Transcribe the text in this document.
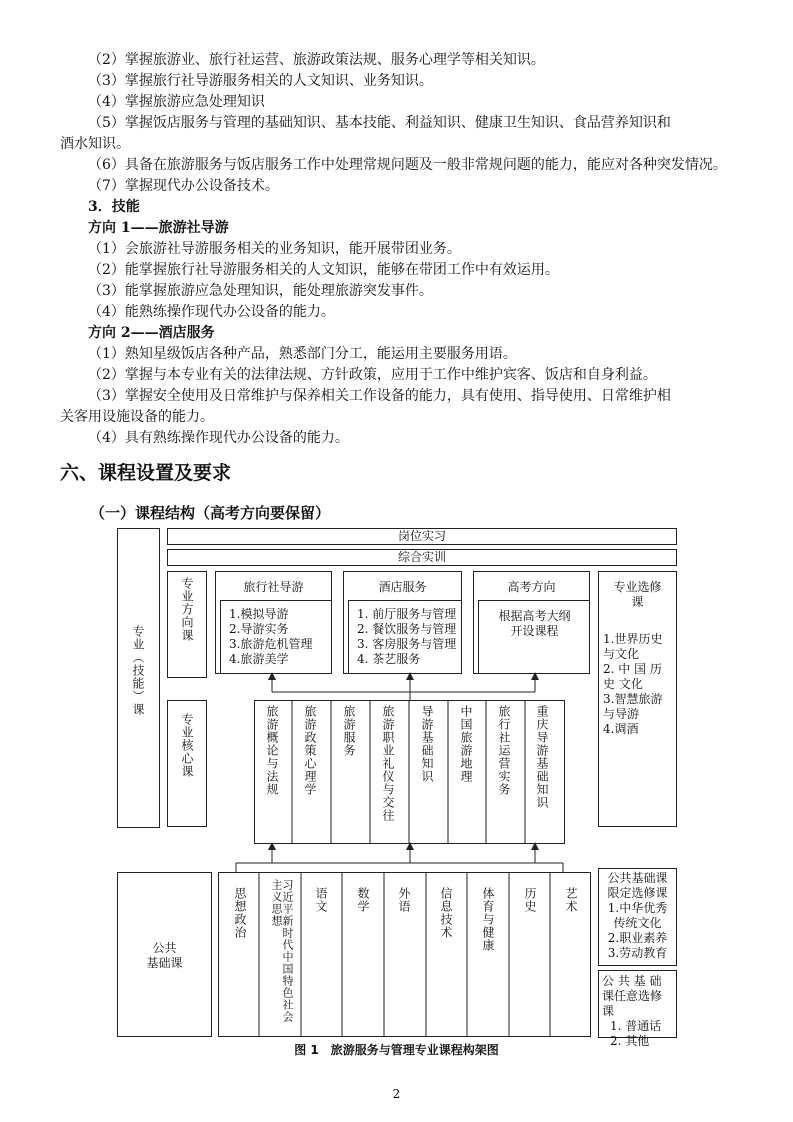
（2）掌握旅游业、旅行社运营、旅游政策法规、服务心理学等相关知识。
（3）掌握旅行社导游服务相关的人文知识、业务知识。
（4）掌握旅游应急处理知识
（5）掌握饭店服务与管理的基础知识、基本技能、利益知识、健康卫生知识、食品营养知识和
酒水知识。
（6）具备在旅游服务与饭店服务工作中处理常规问题及一般非常规问题的能力，能应对各种突发情况。
（7）掌握现代办公设备技术。
3．技能
方向 1——旅游社导游
（1）会旅游社导游服务相关的业务知识，能开展带团业务。
（2）能掌握旅行社导游服务相关的人文知识，能够在带团工作中有效运用。
（3）能掌握旅游应急处理知识，能处理旅游突发事件。
（4）能熟练操作现代办公设备的能力。
方向 2——酒店服务
（1）熟知星级饭店各种产品，熟悉部门分工，能运用主要服务用语。
（2）掌握与本专业有关的法律法规、方针政策，应用于工作中维护宾客、饭店和自身利益。
（3）掌握安全使用及日常维护与保养相关工作设备的能力，具有使用、指导使用、日常维护相
关客用设施设备的能力。
（4）具有熟练操作现代办公设备的能力。
六、课程设置及要求
（一）课程结构（高考方向要保留）
专业（技能）课
公共
基础课
岗位实习
综合实训
专业方向课	旅行社导游
1.模拟导游
2.导游实务
3.旅游危机管理
4.旅游美学
酒店服务
1. 前厅服务与管理
2. 餐饮服务与管理
3. 客房服务与管理
4. 茶艺服务
高考方向
根据高考大纲
开设课程
专业选修课
1.世界历史与文化
2. 中 国 历 史 文化
3.智慧旅游与导游
4.调酒
专业核心课	旅游概论与法规 旅游政策心理学 旅游服务 旅游职业礼仪与交往 导游基础知识 中国旅游地理 旅行社运营实务 重庆导游基础知识
思想政治	习近平新时代中国特色社会主义思想	语文 数学 外语 信息技术 体育与健康 历史 艺术
公共基础课限定选修课
1.中华优秀传统文化
2.职业素养
3.劳动教育
公 共 基 础 课任意选修课
1. 普通话
2. 其他
图 1　旅游服务与管理专业课程构架图
2
